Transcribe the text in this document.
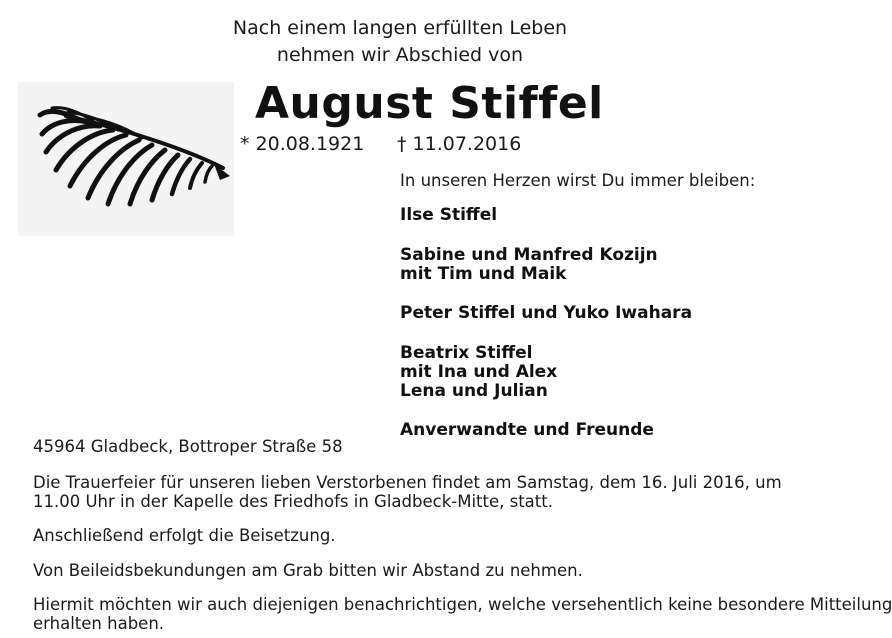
Nach einem langen erfüllten Leben
nehmen wir Abschied von
August Stiffel
* 20.08.1921 † 11.07.2016
In unseren Herzen wirst Du immer bleiben:
Ilse Stiffel
Sabine und Manfred Kozijn
mit Tim und Maik
Peter Stiffel und Yuko Iwahara
Beatrix Stiffel
mit Ina und Alex
Lena und Julian
Anverwandte und Freunde
45964 Gladbeck, Bottroper Straße 58
Die Trauerfeier für unseren lieben Verstorbenen findet am Samstag, dem 16. Juli 2016, um
11.00 Uhr in der Kapelle des Friedhofs in Gladbeck-Mitte, statt.
Anschließend erfolgt die Beisetzung.
Von Beileidsbekundungen am Grab bitten wir Abstand zu nehmen.
Hiermit möchten wir auch diejenigen benachrichtigen, welche versehentlich keine besondere Mitteilung
erhalten haben.
